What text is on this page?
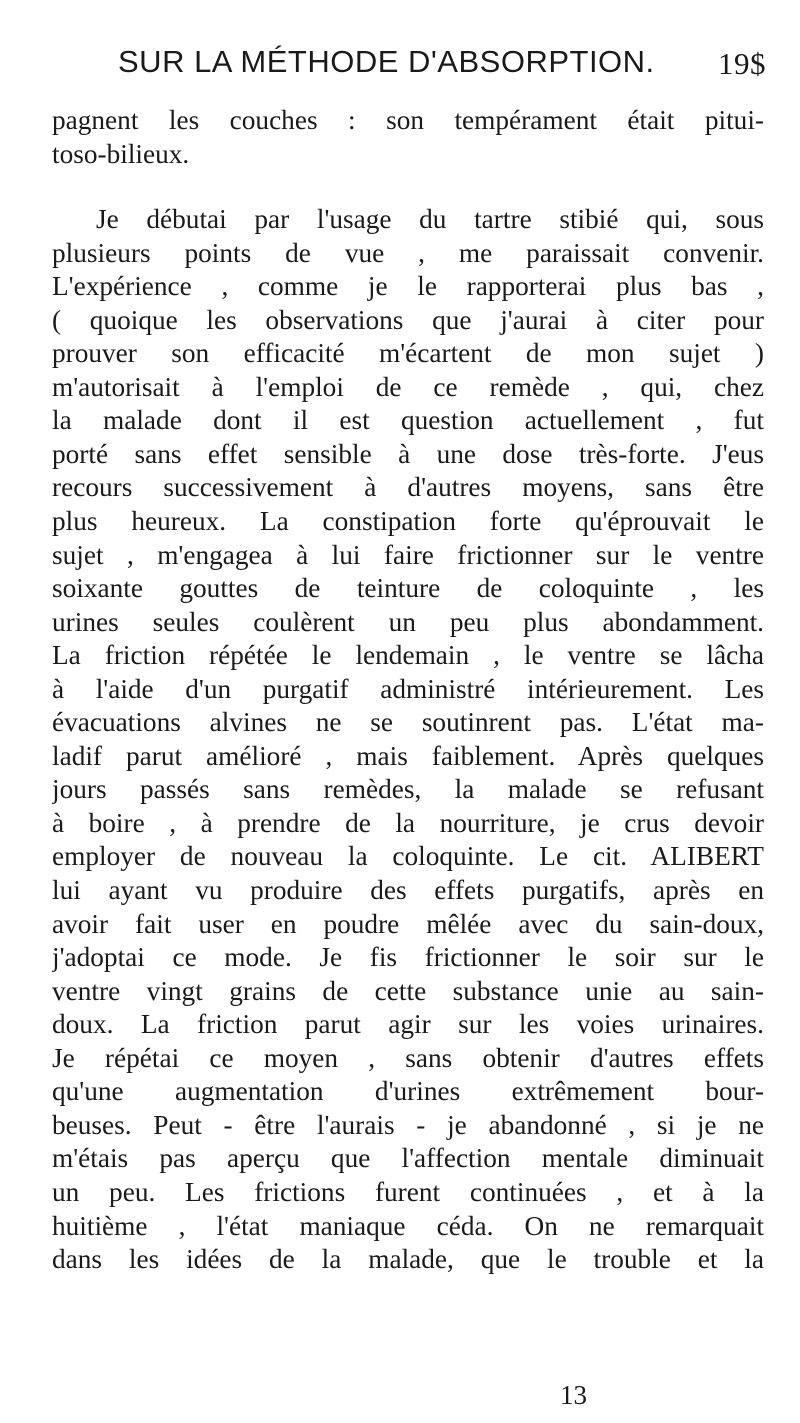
SUR LA MÉTHODE D'ABSORPTION. 19$
pagnent les couches : son tempérament était pitui-
toso-bilieux.
Je débutai par l'usage du tartre stibié qui, sous
plusieurs points de vue , me paraissait convenir.
L'expérience , comme je le rapporterai plus bas ,
( quoique les observations que j'aurai à citer pour
prouver son efficacité m'écartent de mon sujet )
m'autorisait à l'emploi de ce remède , qui, chez
la malade dont il est question actuellement , fut
porté sans effet sensible à une dose très-forte. J'eus
recours successivement à d'autres moyens, sans être
plus heureux. La constipation forte qu'éprouvait le
sujet , m'engagea à lui faire frictionner sur le ventre
soixante gouttes de teinture de coloquinte , les
urines seules coulèrent un peu plus abondamment.
La friction répétée le lendemain , le ventre se lâcha
à l'aide d'un purgatif administré intérieurement. Les
évacuations alvines ne se soutinrent pas. L'état ma-
ladif parut amélioré , mais faiblement. Après quelques
jours passés sans remèdes, la malade se refusant
à boire , à prendre de la nourriture, je crus devoir
employer de nouveau la coloquinte. Le cit. ALIBERT
lui ayant vu produire des effets purgatifs, après en
avoir fait user en poudre mêlée avec du sain-doux,
j'adoptai ce mode. Je fis frictionner le soir sur le
ventre vingt grains de cette substance unie au sain-
doux. La friction parut agir sur les voies urinaires.
Je répétai ce moyen , sans obtenir d'autres effets
qu'une augmentation d'urines extrêmement bour-
beuses. Peut - être l'aurais - je abandonné , si je ne
m'étais pas aperçu que l'affection mentale diminuait
un peu. Les frictions furent continuées , et à la
huitième , l'état maniaque céda. On ne remarquait
dans les idées de la malade, que le trouble et la
13
